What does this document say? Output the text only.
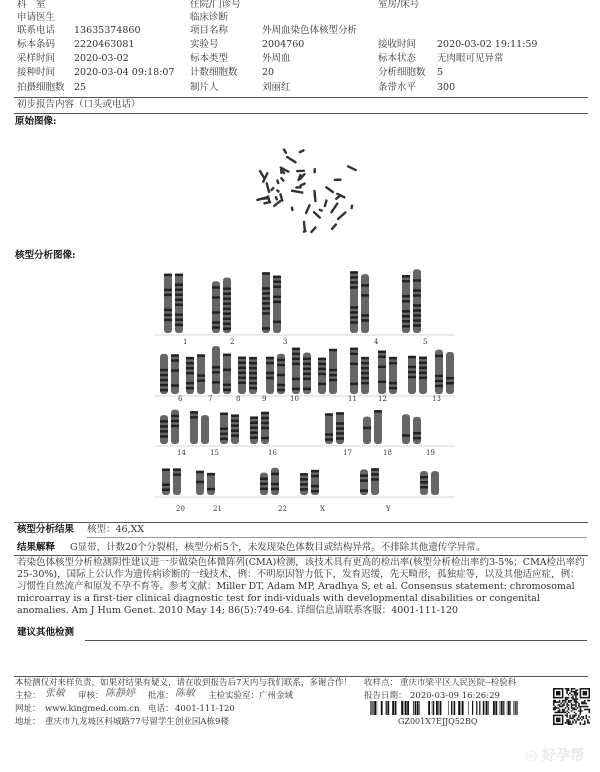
科　室	住院/门诊号	室房/床号
申请医生	临床诊断
联系电话 13635374860	项目名称	外周血染色体核型分析
标本条码 2220463081	实验号	2004760	接收时间 2020-03-02 19:11:59
采样时间 2020-03-02	标本类型	外周血	标本状态 无肉眼可见异常
接种时间 2020-03-04 09:18:07 计数细胞数	20	分析细胞数 5
拍摄细胞数 25	制片人	刘丽红	条带水平 300
初步报告内容（口头或电话）
原始图像:
核型分析图像:
1	2	3	4	5
6	7	8	9	10	11	12	13
14	15	16	17	18	19
20	21	22	X	Y
核型分析结果 核型：46,XX
结果解释 G显带，计数20个分裂相，核型分析5个，未发现染色体数目或结构异常。不排除其他遗传学异常。
若染色体核型分析检测阴性建议进一步做染色体微阵列(CMA)检测，该技术具有更高的检出率(核型分析检出率约3-5%；CMA检出率约25-30%)，国际上公认作为遗传病诊断的一线技术，例：不明原因智力低下，发育迟缓，先天畸形，孤独症等，以及其他适应症，例：习惯性自然流产和原发不孕不育等。参考文献：Miller DT, Adam MP, Aradhya S, et al. Consensus statement: chromosomal microarray is a first-tier clinical diagnostic test for indi-viduals with developmental disabilities or congenital anomalies. Am J Hum Genet. 2010 May 14; 86(5):749-64. 详细信息请联系客服：4001-111-120
建议其他检测
本检测仅对来样负责，如果对结果有疑义，请在收到报告后7天内与我们联系，多谢合作！ 收样点： 重庆市梁平区人民医院--检验科
主检： 张敏 审核： 陈静婷 批准： 陈敏 主检实验室：广州金域	报告日期： 2020-03-09 16:26:29
网址： www.kingmed.com.cn 电话： 4001-111-120
地址： 重庆市九龙坡区科城路77号留学生创业园A栋9楼	GZ001X7EJJQ52BQ
◎ 好孕帮
